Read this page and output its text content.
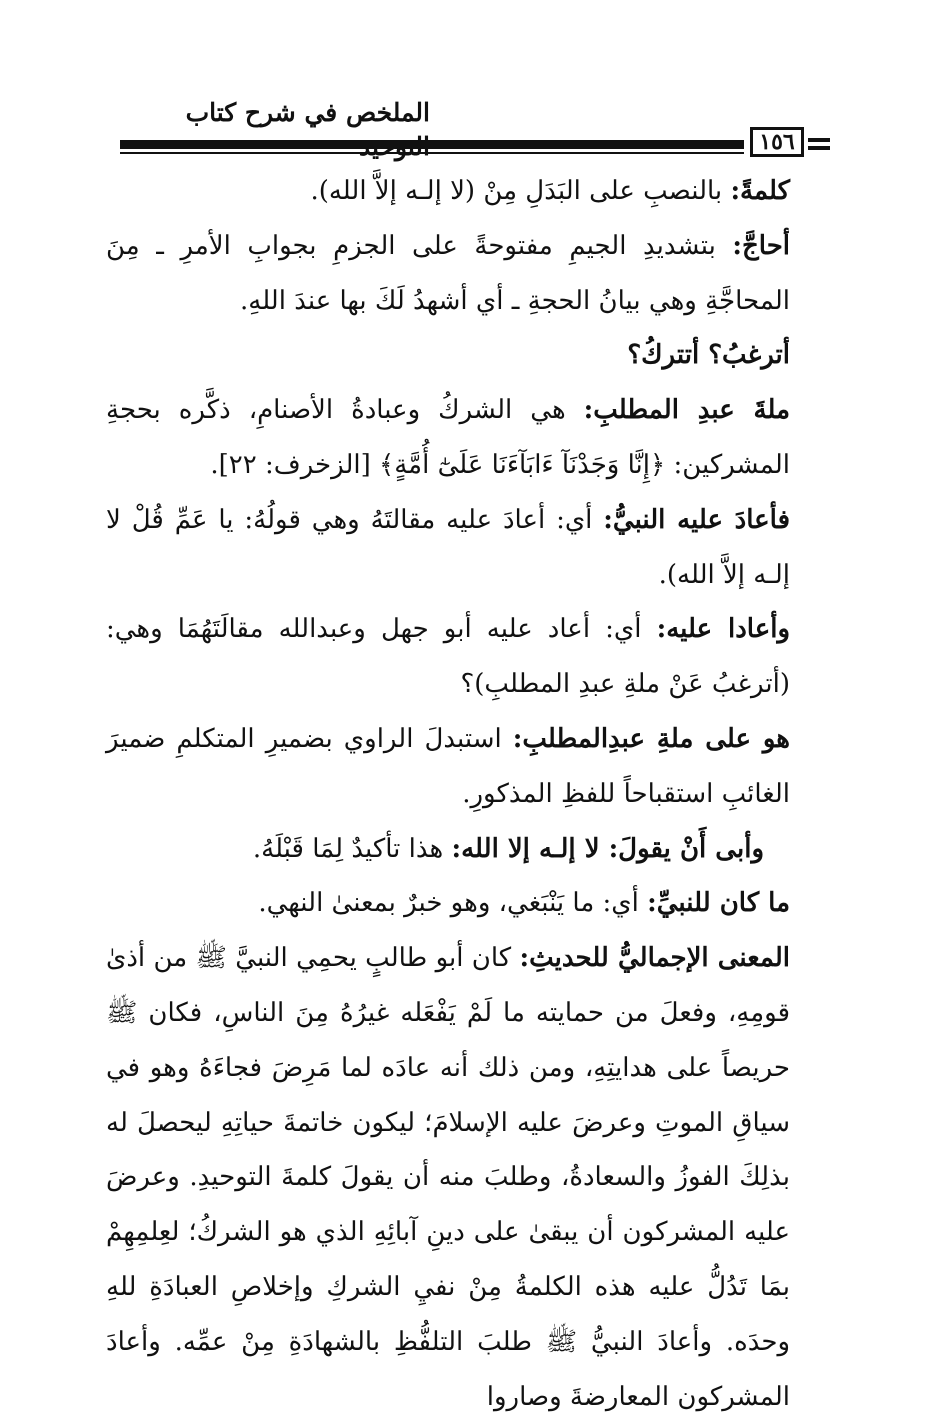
الملخص في شرح كتاب
١٥٦

كلمةً: بالنصبِ على البَدَلِ مِنْ (لا إلـه إلاَّ الله).

أحاجَّ: بتشديدِ الجيمِ مفتوحةً على الجزمِ بجوابِ الأمرِ ـ مِنَ المحاجَّةِ وهي بيانُ الحجةِ ـ أي أشهدُ لَكَ بها عندَ اللهِ.

أترغبُ؟ أتتركُ؟

ملةَ عبدِ المطلبِ: هي الشركُ وعبادةُ الأصنامِ، ذكَّره بحجةِ المشركين: ﴿إِنَّا وَجَدْنَآ ءَابَآءَنَا عَلَىٰٓ أُمَّةٍ﴾ [الزخرف: ٢٢].

فأعادَ عليه النبيُّ: أي: أعادَ عليه مقالتَهُ وهي قولُهُ: يا عَمِّ قُلْ لا إلـه إلاَّ الله).

وأعادا عليه: أي: أعاد عليه أبو جهل وعبدالله مقالَتَهُمَا وهي: (أترغبُ عَنْ ملةِ عبدِ المطلبِ)؟

هو على ملةِ عبدِالمطلبِ: استبدلَ الراوي بضميرِ المتكلمِ ضميرَ الغائبِ استقباحاً للفظِ المذكورِ.

وأبى أَنْ يقولَ: لا إلـه إلا الله: هذا تأكيدٌ لِمَا قَبْلَهُ.

ما كان للنبيِّ: أي: ما يَنْبَغي، وهو خبرٌ بمعنىٰ النهي.

المعنى الإجماليُّ للحديثِ: كان أبو طالبٍ يحمِي النبيَّ ﷺ من أذىٰ قومِهِ، وفعلَ من حمايته ما لَمْ يَفْعَله غيرُهُ مِنَ الناسِ، فكان ﷺ حريصاً على هدايتِهِ، ومن ذلك أنه عادَه لما مَرِضَ فجاءَهُ وهو في سياقِ الموتِ وعرضَ عليه الإسلامَ؛ ليكون خاتمةَ حياتِهِ ليحصلَ له بذلِكَ الفوزُ والسعادةُ، وطلبَ منه أن يقولَ كلمةَ التوحيدِ. وعرضَ عليه المشركون أن يبقىٰ على دينِ آبائِهِ الذي هو الشركُ؛ لعِلمِهِمْ بمَا تَدُلُّ عليه هذه الكلمةُ مِنْ نفيِ الشركِ وإخلاصِ العبادَةِ للهِ وحدَه. وأعادَ النبيُّ ﷺ طلبَ التلفُّظِ بالشهادَةِ مِنْ عمِّه. وأعادَ المشركون المعارضةَ وصاروا
